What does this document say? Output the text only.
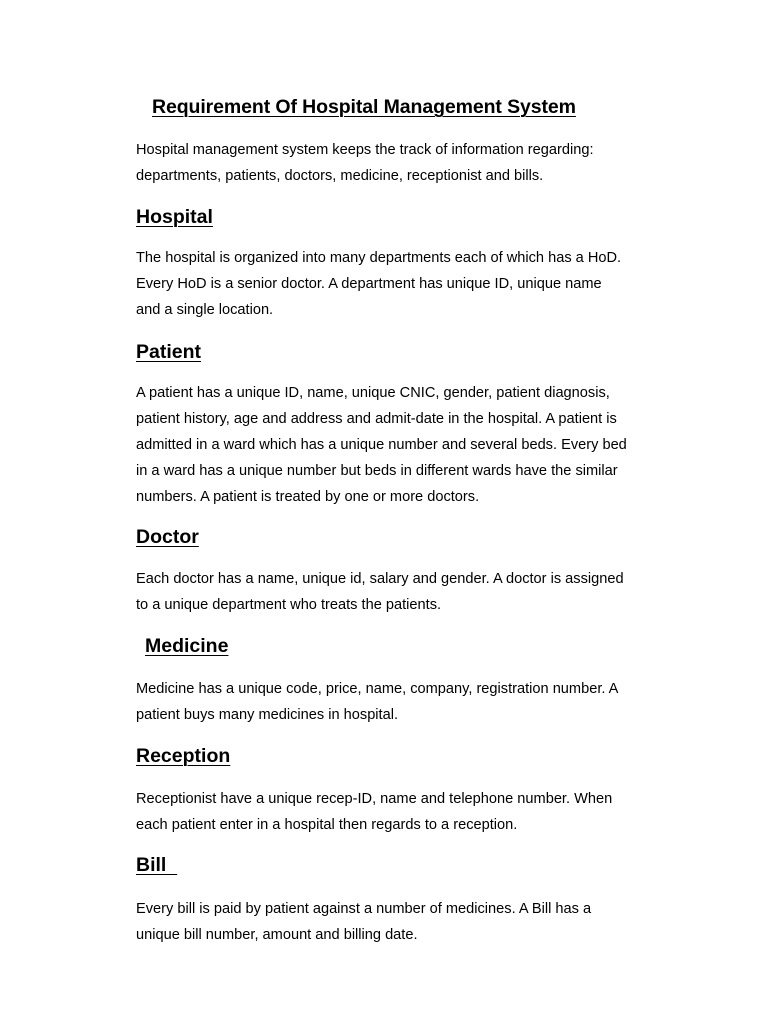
Requirement Of Hospital Management System

Hospital management system keeps the track of information regarding:
departments, patients, doctors, medicine, receptionist and bills.

Hospital

The hospital is organized into many departments each of which has a HoD.
Every HoD is a senior doctor. A department has unique ID, unique name
and a single location.

Patient

A patient has a unique ID, name, unique CNIC, gender, patient diagnosis,
patient history, age and address and admit-date in the hospital. A patient is
admitted in a ward which has a unique number and several beds. Every bed
in a ward has a unique number but beds in different wards have the similar
numbers. A patient is treated by one or more doctors.

Doctor

Each doctor has a name, unique id, salary and gender. A doctor is assigned
to a unique department who treats the patients.

Medicine

Medicine has a unique code, price, name, company, registration number. A
patient buys many medicines in hospital.

Reception

Receptionist have a unique recep-ID, name and telephone number. When
each patient enter in a hospital then regards to a reception.

Bill

Every bill is paid by patient against a number of medicines. A Bill has a
unique bill number, amount and billing date.
